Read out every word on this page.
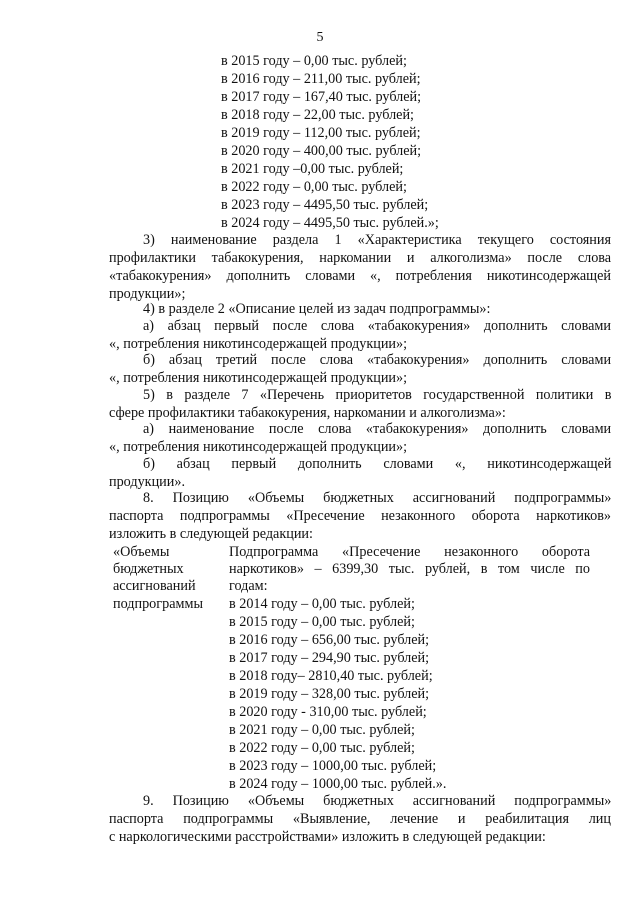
5
в 2015 году – 0,00 тыс. рублей;
в 2016 году – 211,00 тыс. рублей;
в 2017 году – 167,40 тыс. рублей;
в 2018 году – 22,00 тыс. рублей;
в 2019 году – 112,00 тыс. рублей;
в 2020 году – 400,00 тыс. рублей;
в 2021 году –0,00 тыс. рублей;
в 2022 году – 0,00 тыс. рублей;
в 2023 году – 4495,50 тыс. рублей;
в 2024 году – 4495,50 тыс. рублей.»;
3) наименование раздела 1 «Характеристика текущего состояния
профилактики табакокурения, наркомании и алкоголизма» после слова
«табакокурения» дополнить словами «, потребления никотинсодержащей
продукции»;
4) в разделе 2 «Описание целей из задач подпрограммы»:
а) абзац первый после слова «табакокурения» дополнить словами
«, потребления никотинсодержащей продукции»;
б) абзац третий после слова «табакокурения» дополнить словами
«, потребления никотинсодержащей продукции»;
5) в разделе 7 «Перечень приоритетов государственной политики в
сфере профилактики табакокурения, наркомании и алкоголизма»:
а) наименование после слова «табакокурения» дополнить словами
«, потребления никотинсодержащей продукции»;
б) абзац первый дополнить словами «, никотинсодержащей
продукции».
8. Позицию «Объемы бюджетных ассигнований подпрограммы»
паспорта подпрограммы «Пресечение незаконного оборота наркотиков»
изложить в следующей редакции:
«Объемы
бюджетных
ассигнований
подпрограммы
Подпрограмма «Пресечение незаконного оборота
наркотиков» – 6399,30 тыс. рублей, в том числе по
годам:
в 2014 году – 0,00 тыс. рублей;
в 2015 году – 0,00 тыс. рублей;
в 2016 году – 656,00 тыс. рублей;
в 2017 году – 294,90 тыс. рублей;
в 2018 году– 2810,40 тыс. рублей;
в 2019 году – 328,00 тыс. рублей;
в 2020 году - 310,00 тыс. рублей;
в 2021 году – 0,00 тыс. рублей;
в 2022 году – 0,00 тыс. рублей;
в 2023 году – 1000,00 тыс. рублей;
в 2024 году – 1000,00 тыс. рублей.».
9. Позицию «Объемы бюджетных ассигнований подпрограммы»
паспорта подпрограммы «Выявление, лечение и реабилитация лиц
с наркологическими расстройствами» изложить в следующей редакции:
